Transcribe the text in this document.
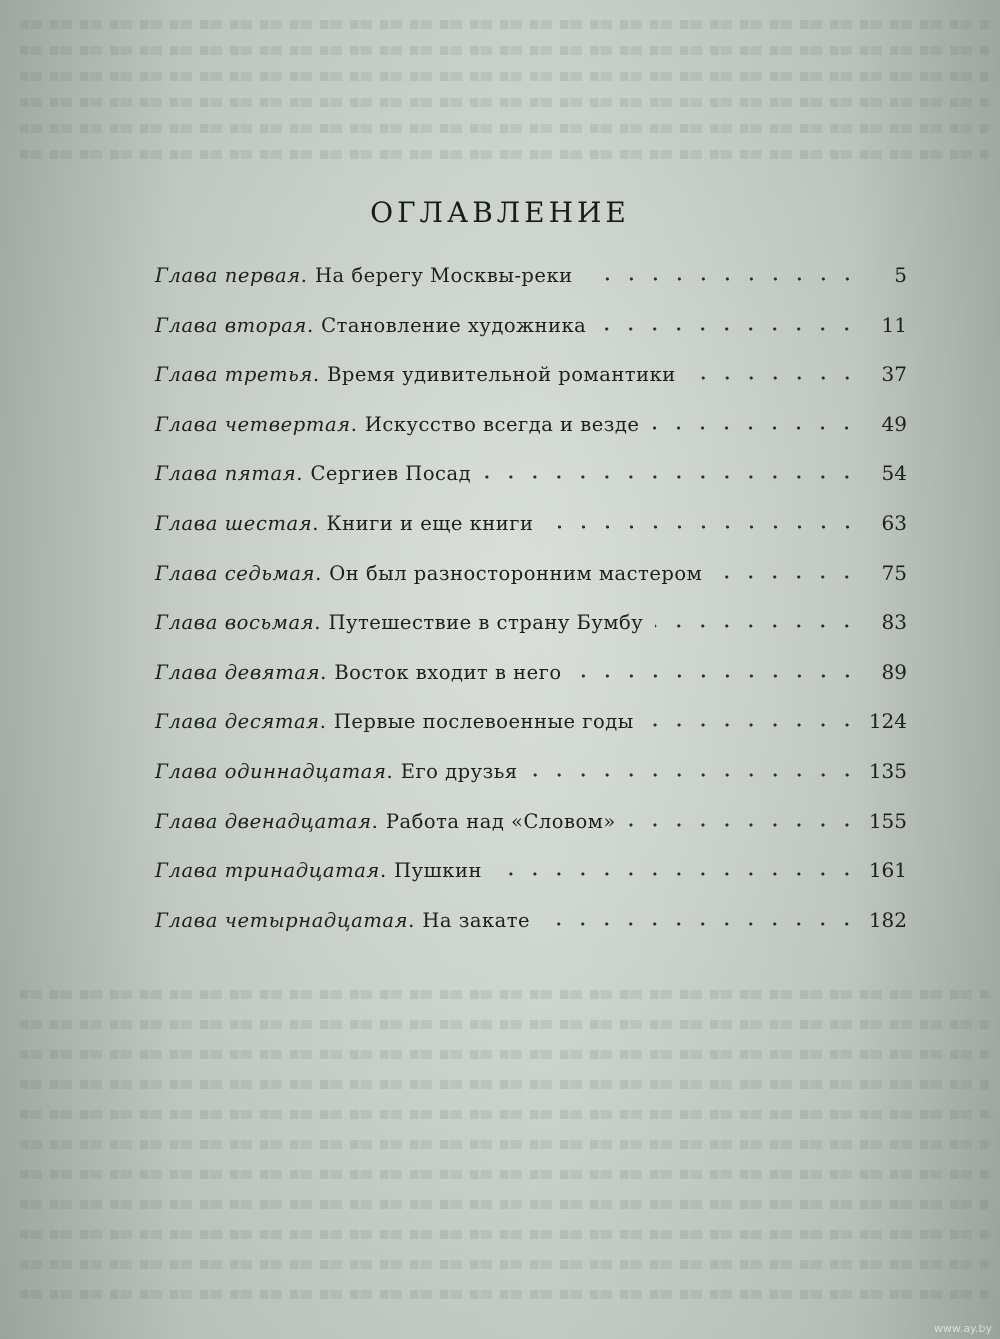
ОГЛАВЛЕНИЕ
Глава первая . На берегу Москвы-реки	5
Глава вторая . Становление художника	11
Глава третья . Время удивительной романтики	37
Глава четвертая . Искусство всегда и везде	49
Глава пятая . Сергиев Посад	54
Глава шестая . Книги и еще книги	63
Глава седьмая . Он был разносторонним мастером	75
Глава восьмая . Путешествие в страну Бумбу	83
Глава девятая . Восток входит в него	89
Глава десятая . Первые послевоенные годы	124
Глава одиннадцатая . Его друзья	135
Глава двенадцатая . Работа над «Словом»	155
Глава тринадцатая . Пушкин	161
Глава четырнадцатая . На закате	182
www.ay.by
